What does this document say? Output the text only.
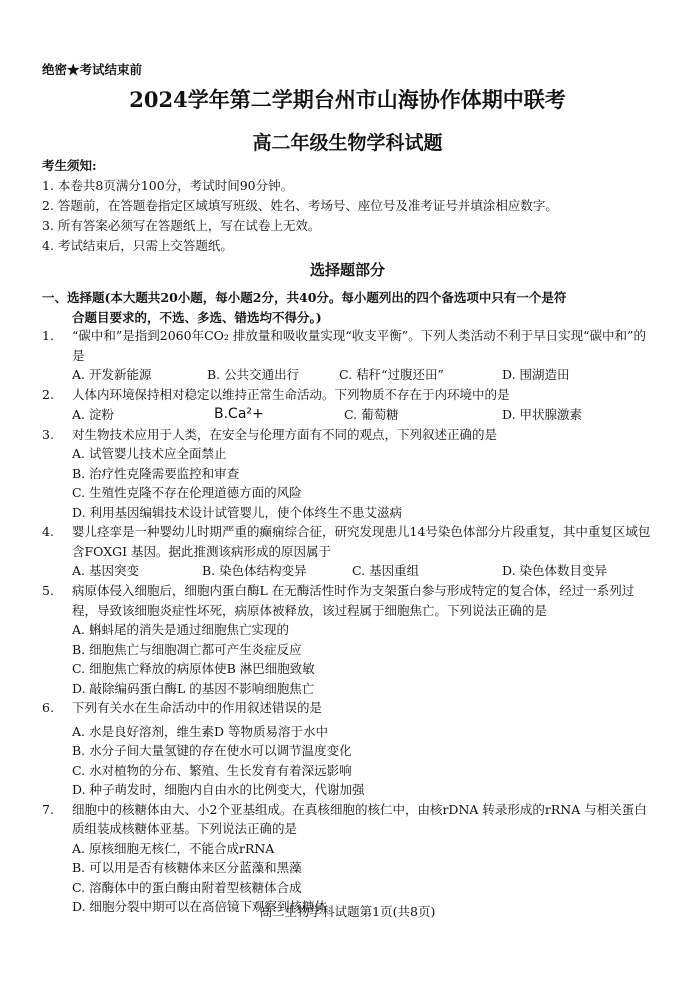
绝密★考试结束前
2024学年第二学期台州市山海协作体期中联考
高二年级生物学科试题
考生须知:
1. 本卷共8页满分100分，考试时间90分钟。
2. 答题前，在答题卷指定区域填写班级、姓名、考场号、座位号及准考证号并填涂相应数字。
3. 所有答案必须写在答题纸上，写在试卷上无效。
4. 考试结束后，只需上交答题纸。
选择题部分
一、选择题(本大题共20小题，每小题2分，共40分。每小题列出的四个备选项中只有一个是符
合题目要求的，不选、多选、错选均不得分。)
1. “碳中和”是指到2060年CO₂ 排放量和吸收量实现“收支平衡”。下列人类活动不利于早日实现“碳中和”的是
A. 开发新能源	B. 公共交通出行	C. 秸秆“过腹还田”	D. 围湖造田
2. 人体内环境保持相对稳定以维持正常生命活动。下列物质不存在于内环境中的是
A. 淀粉	B.Ca²+	C. 葡萄糖	D. 甲状腺激素
3. 对生物技术应用于人类，在安全与伦理方面有不同的观点，下列叙述正确的是
A. 试管婴儿技术应全面禁止
B. 治疗性克隆需要监控和审查
C. 生殖性克隆不存在伦理道德方面的风险
D. 利用基因编辑技术设计试管婴儿，使个体终生不患艾滋病
4. 婴儿痉挛是一种婴幼儿时期严重的癫痫综合征，研究发现患儿14号染色体部分片段重复，其中重复区域包含FOXGI 基因。据此推测该病形成的原因属于
A. 基因突变	B. 染色体结构变异	C. 基因重组	D. 染色体数目变异
5. 病原体侵入细胞后，细胞内蛋白酶L 在无酶活性时作为支架蛋白参与形成特定的复合体，经过一系列过程，导致该细胞炎症性坏死，病原体被释放，该过程属于细胞焦亡。下列说法正确的是
A. 蝌蚪尾的消失是通过细胞焦亡实现的
B. 细胞焦亡与细胞凋亡都可产生炎症反应
C. 细胞焦亡释放的病原体使B 淋巴细胞致敏
D. 敲除编码蛋白酶L 的基因不影响细胞焦亡
6. 下列有关水在生命活动中的作用叙述错误的是
A. 水是良好溶剂，维生素D 等物质易溶于水中
B. 水分子间大量氢键的存在使水可以调节温度变化
C. 水对植物的分布、繁殖、生长发育有着深远影响
D. 种子萌发时，细胞内自由水的比例变大，代谢加强
7. 细胞中的核糖体由大、小2个亚基组成。在真核细胞的核仁中，由核rDNA 转录形成的rRNA 与相关蛋白质组装成核糖体亚基。下列说法正确的是
A. 原核细胞无核仁，不能合成rRNA
B. 可以用是否有核糖体来区分蓝藻和黑藻
C. 溶酶体中的蛋白酶由附着型核糖体合成
D. 细胞分裂中期可以在高倍镜下观察到核糖体
高二生物学科试题第1页(共8页)
